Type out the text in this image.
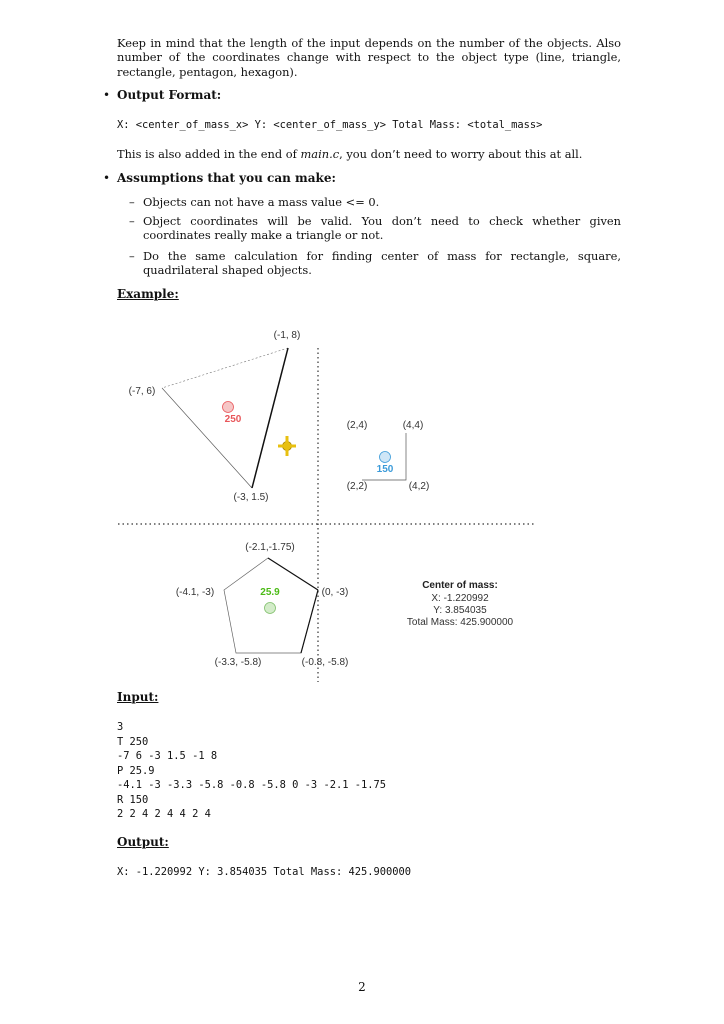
Keep in mind that the length of the input depends on the number of the objects. Also number of the coordinates change with respect to the object type (line, triangle, rectangle, pentagon, hexagon).

• Output Format:
X: <center_of_mass_x> Y: <center_of_mass_y> Total Mass: <total_mass>

This is also added in the end of main.c, you don’t need to worry about this at all.

• Assumptions that you can make:
– Objects can not have a mass value <= 0.

– Object coordinates will be valid. You don’t need to check whether given coordinates really make a triangle or not.

– Do the same calculation for finding center of mass for rectangle, square, quadrilateral shaped objects.

Example:
(-1, 8)
(-7, 6)
(-3, 1.5)
250
(2,4)	(4,4)
(2,2)	(4,2)
150
(-2.1,-1.75)
(-4.1, -3)	(0, -3)
(-3.3, -5.8)	(-0.8, -5.8)
25.9
Center of mass:
X: -1.220992
Y: 3.854035
Total Mass: 425.900000
Input:
3
T 250
-7 6 -3 1.5 -1 8
P 25.9
-4.1 -3 -3.3 -5.8 -0.8 -5.8 0 -3 -2.1 -1.75
R 150
2 2 4 2 4 4 2 4
Output:
X: -1.220992 Y: 3.854035 Total Mass: 425.900000
2
